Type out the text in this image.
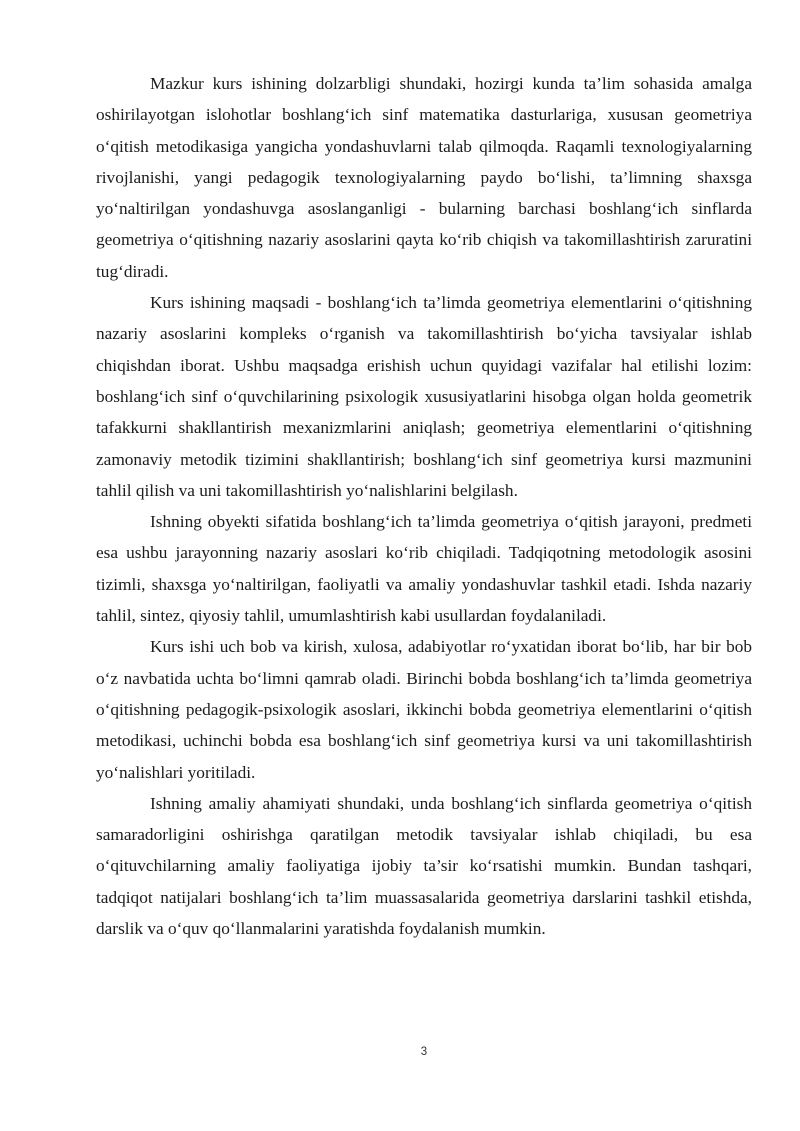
Mazkur kurs ishining dolzarbligi shundaki, hozirgi kunda ta’lim sohasida amalga oshirilayotgan islohotlar boshlang‘ich sinf matematika dasturlariga, xususan geometriya o‘qitish metodikasiga yangicha yondashuvlarni talab qilmoqda. Raqamli texnologiyalarning rivojlanishi, yangi pedagogik texnologiyalarning paydo bo‘lishi, ta’limning shaxsga yo‘naltirilgan yondashuvga asoslanganligi - bularning barchasi boshlang‘ich sinflarda geometriya o‘qitishning nazariy asoslarini qayta ko‘rib chiqish va takomillashtirish zaruratini tug‘diradi.

Kurs ishining maqsadi - boshlang‘ich ta’limda geometriya elementlarini o‘qitishning nazariy asoslarini kompleks o‘rganish va takomillashtirish bo‘yicha tavsiyalar ishlab chiqishdan iborat. Ushbu maqsadga erishish uchun quyidagi vazifalar hal etilishi lozim: boshlang‘ich sinf o‘quvchilarining psixologik xususiyatlarini hisobga olgan holda geometrik tafakkurni shakllantirish mexanizmlarini aniqlash; geometriya elementlarini o‘qitishning zamonaviy metodik tizimini shakllantirish; boshlang‘ich sinf geometriya kursi mazmunini tahlil qilish va uni takomillashtirish yo‘nalishlarini belgilash.

Ishning obyekti sifatida boshlang‘ich ta’limda geometriya o‘qitish jarayoni, predmeti esa ushbu jarayonning nazariy asoslari ko‘rib chiqiladi. Tadqiqotning metodologik asosini tizimli, shaxsga yo‘naltirilgan, faoliyatli va amaliy yondashuvlar tashkil etadi. Ishda nazariy tahlil, sintez, qiyosiy tahlil, umumlashtirish kabi usullardan foydalaniladi.

Kurs ishi uch bob va kirish, xulosa, adabiyotlar ro‘yxatidan iborat bo‘lib, har bir bob o‘z navbatida uchta bo‘limni qamrab oladi. Birinchi bobda boshlang‘ich ta’limda geometriya o‘qitishning pedagogik-psixologik asoslari, ikkinchi bobda geometriya elementlarini o‘qitish metodikasi, uchinchi bobda esa boshlang‘ich sinf geometriya kursi va uni takomillashtirish yo‘nalishlari yoritiladi.

Ishning amaliy ahamiyati shundaki, unda boshlang‘ich sinflarda geometriya o‘qitish samaradorligini oshirishga qaratilgan metodik tavsiyalar ishlab chiqiladi, bu esa o‘qituvchilarning amaliy faoliyatiga ijobiy ta’sir ko‘rsatishi mumkin. Bundan tashqari, tadqiqot natijalari boshlang‘ich ta’lim muassasalarida geometriya darslarini tashkil etishda, darslik va o‘quv qo‘llanmalarini yaratishda foydalanish mumkin.

3
